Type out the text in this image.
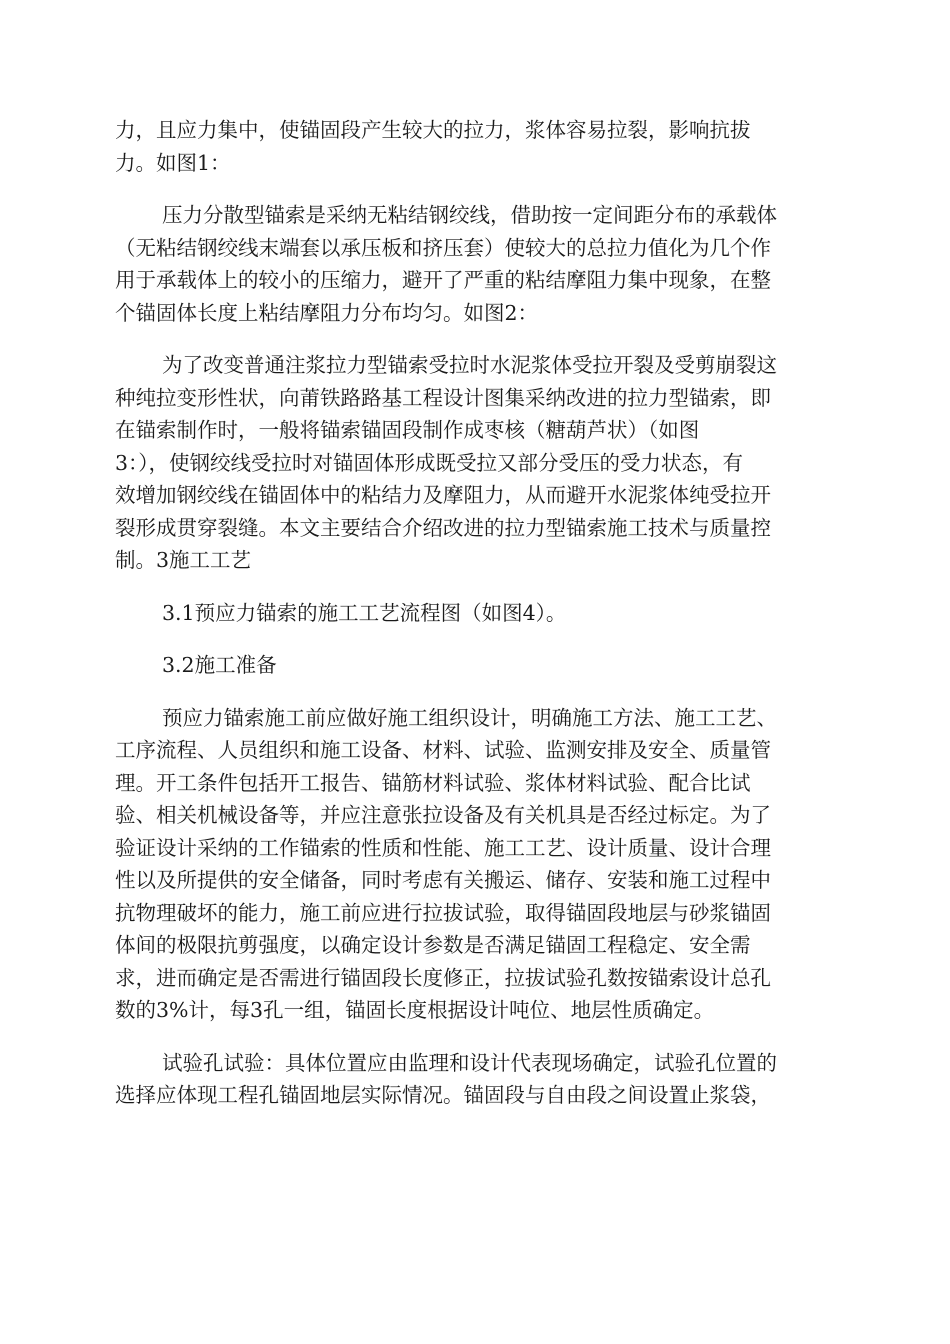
力，且应力集中，使锚固段产生较大的拉力，浆体容易拉裂，影响抗拔
力。如图1：
压力分散型锚索是采纳无粘结钢绞线，借助按一定间距分布的承载体
（无粘结钢绞线末端套以承压板和挤压套）使较大的总拉力值化为几个作
用于承载体上的较小的压缩力，避开了严重的粘结摩阻力集中现象，在整
个锚固体长度上粘结摩阻力分布均匀。如图2：
为了改变普通注浆拉力型锚索受拉时水泥浆体受拉开裂及受剪崩裂这
种纯拉变形性状，向莆铁路路基工程设计图集采纳改进的拉力型锚索，即
在锚索制作时，一般将锚索锚固段制作成枣核（糖葫芦状）（如图
3：），使钢绞线受拉时对锚固体形成既受拉又部分受压的受力状态，有
效增加钢绞线在锚固体中的粘结力及摩阻力，从而避开水泥浆体纯受拉开
裂形成贯穿裂缝。本文主要结合介绍改进的拉力型锚索施工技术与质量控
制。3施工工艺
3.1预应力锚索的施工工艺流程图（如图4）。
3.2施工准备
预应力锚索施工前应做好施工组织设计，明确施工方法、施工工艺、
工序流程、人员组织和施工设备、材料、试验、监测安排及安全、质量管
理。开工条件包括开工报告、锚筋材料试验、浆体材料试验、配合比试
验、相关机械设备等，并应注意张拉设备及有关机具是否经过标定。为了
验证设计采纳的工作锚索的性质和性能、施工工艺、设计质量、设计合理
性以及所提供的安全储备，同时考虑有关搬运、储存、安装和施工过程中
抗物理破坏的能力，施工前应进行拉拔试验，取得锚固段地层与砂浆锚固
体间的极限抗剪强度，以确定设计参数是否满足锚固工程稳定、安全需
求，进而确定是否需进行锚固段长度修正，拉拔试验孔数按锚索设计总孔
数的3%计，每3孔一组，锚固长度根据设计吨位、地层性质确定。
试验孔试验：具体位置应由监理和设计代表现场确定，试验孔位置的
选择应体现工程孔锚固地层实际情况。锚固段与自由段之间设置止浆袋，
